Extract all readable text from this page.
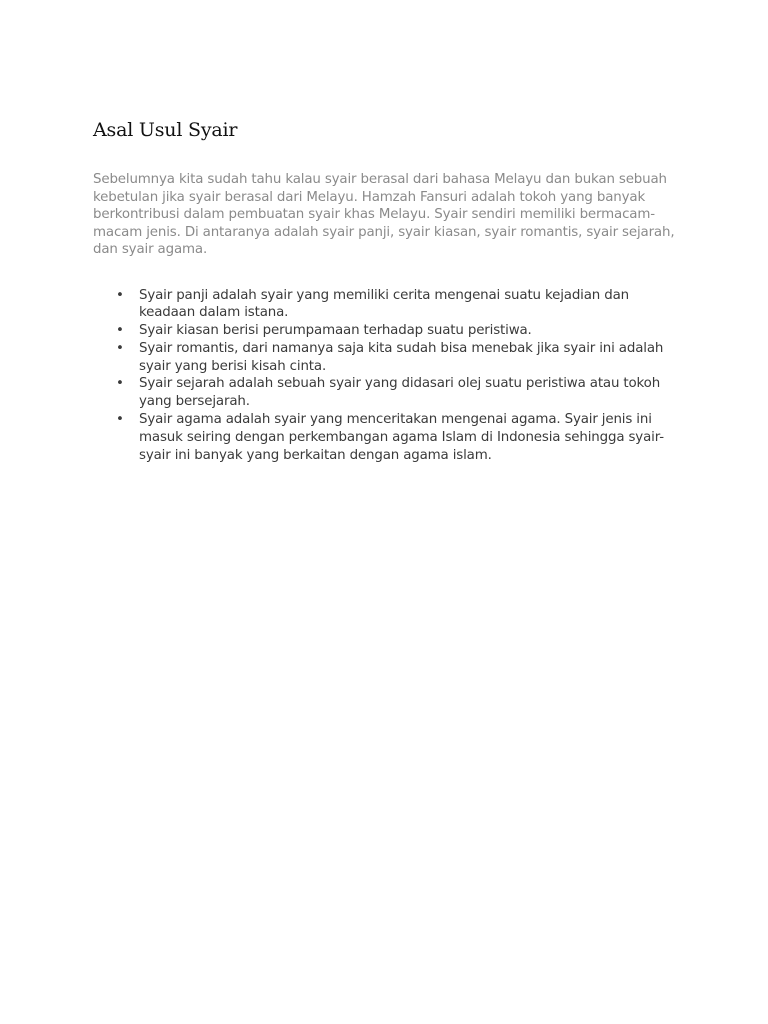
Asal Usul Syair

Sebelumnya kita sudah tahu kalau syair berasal dari bahasa Melayu dan bukan sebuah kebetulan jika syair berasal dari Melayu. Hamzah Fansuri adalah tokoh yang banyak berkontribusi dalam pembuatan syair khas Melayu. Syair sendiri memiliki bermacam-macam jenis. Di antaranya adalah syair panji, syair kiasan, syair romantis, syair sejarah, dan syair agama.

• Syair panji adalah syair yang memiliki cerita mengenai suatu kejadian dan keadaan dalam istana.
• Syair kiasan berisi perumpamaan terhadap suatu peristiwa.
• Syair romantis, dari namanya saja kita sudah bisa menebak jika syair ini adalah syair yang berisi kisah cinta.
• Syair sejarah adalah sebuah syair yang didasari olej suatu peristiwa atau tokoh yang bersejarah.
• Syair agama adalah syair yang menceritakan mengenai agama. Syair jenis ini masuk seiring dengan perkembangan agama Islam di Indonesia sehingga syair-syair ini banyak yang berkaitan dengan agama islam.
